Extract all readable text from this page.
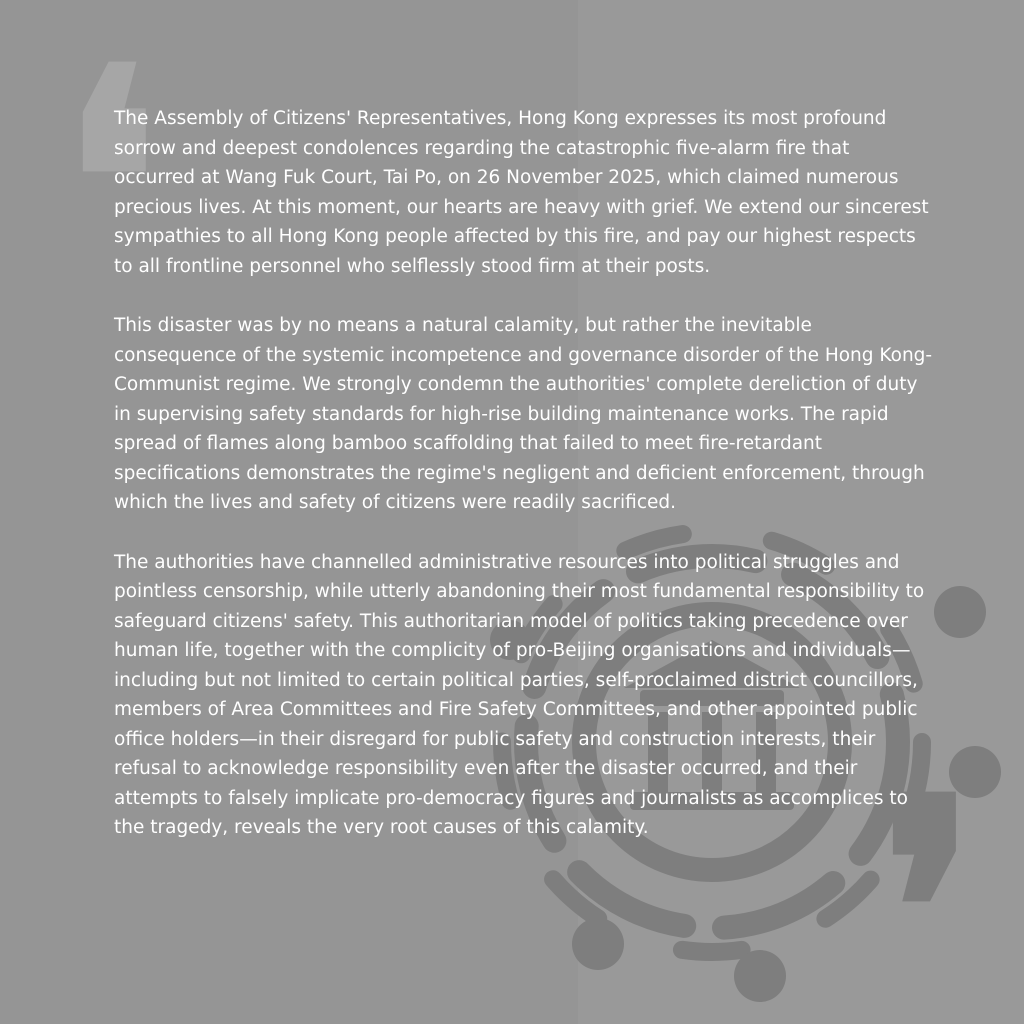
❛
❜

The Assembly of Citizens' Representatives, Hong Kong expresses its most profound sorrow and deepest condolences regarding the catastrophic five-alarm fire that occurred at Wang Fuk Court, Tai Po, on 26 November 2025, which claimed numerous precious lives. At this moment, our hearts are heavy with grief. We extend our sincerest sympathies to all Hong Kong people affected by this fire, and pay our highest respects to all frontline personnel who selflessly stood firm at their posts.

This disaster was by no means a natural calamity, but rather the inevitable consequence of the systemic incompetence and governance disorder of the Hong Kong-Communist regime. We strongly condemn the authorities' complete dereliction of duty in supervising safety standards for high-rise building maintenance works. The rapid spread of flames along bamboo scaffolding that failed to meet fire-retardant specifications demonstrates the regime's negligent and deficient enforcement, through which the lives and safety of citizens were readily sacrificed.

The authorities have channelled administrative resources into political struggles and pointless censorship, while utterly abandoning their most fundamental responsibility to safeguard citizens' safety. This authoritarian model of politics taking precedence over human life, together with the complicity of pro-Beijing organisations and individuals—including but not limited to certain political parties, self-proclaimed district councillors, members of Area Committees and Fire Safety Committees, and other appointed public office holders—in their disregard for public safety and construction interests, their refusal to acknowledge responsibility even after the disaster occurred, and their attempts to falsely implicate pro-democracy figures and journalists as accomplices to the tragedy, reveals the very root causes of this calamity.
